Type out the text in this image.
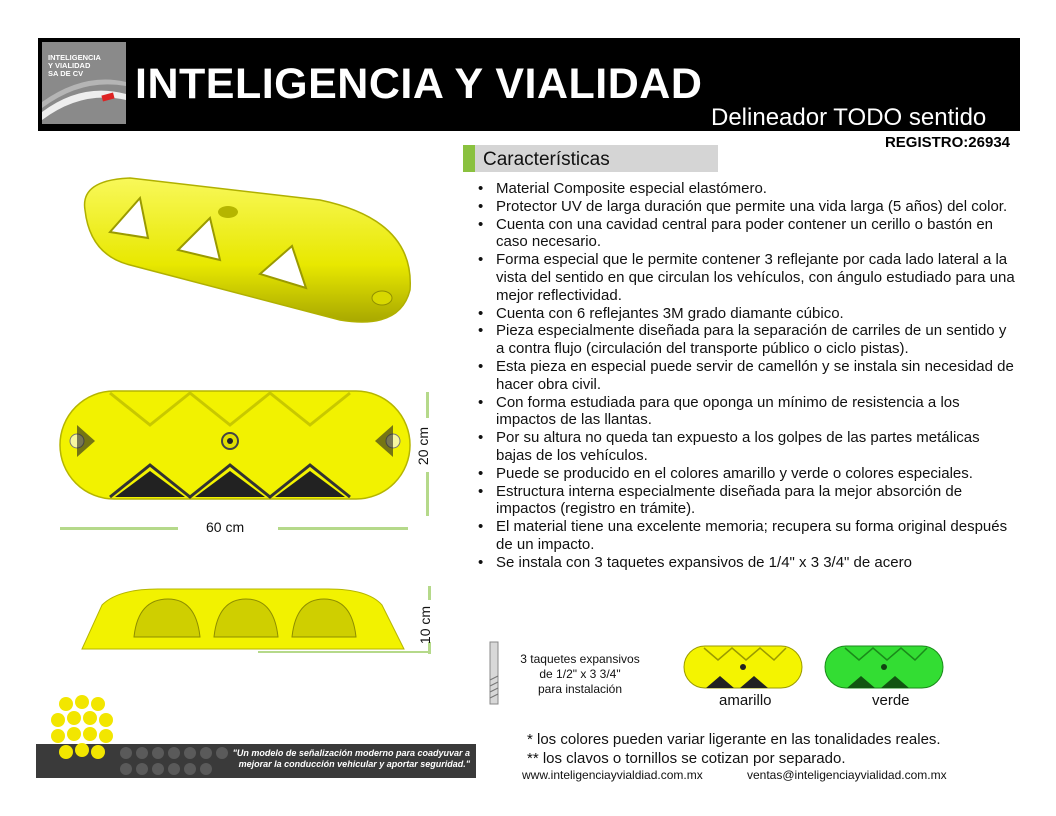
INTELIGENCIA
Y VIALIDAD
SA DE CV INTELIGENCIA Y VIALIDAD
Delineador TODO sentido
REGISTRO:26934
20 cm
60 cm
10 cm
Características
• Material Composite especial elastómero.
• Protector UV de larga duración que permite una vida larga (5 años) del color.
• Cuenta con una cavidad central para poder contener un cerillo o bastón en caso necesario.
• Forma especial que le permite contener 3 reflejante por cada lado lateral a la vista del sentido en que circulan los vehículos, con ángulo estudiado para una mejor reflectividad.
• Cuenta con 6 reflejantes 3M grado diamante cúbico.
• Pieza especialmente diseñada para la separación de carriles de un sentido y a contra flujo (circulación del transporte público o ciclo pistas).
• Esta pieza en especial puede servir de camellón y se instala sin necesidad de hacer obra civil.
• Con forma estudiada para que oponga un mínimo de resistencia a los impactos de las llantas.
• Por su altura no queda tan expuesto a los golpes de las partes metálicas bajas de los vehículos.
• Puede se producido en el colores amarillo y verde o colores especiales.
• Estructura interna especialmente diseñada para la mejor absorción de impactos (registro en trámite).
• El material tiene una excelente memoria; recupera su forma original después de un impacto.
• Se instala con 3 taquetes expansivos de 1/4" x 3 3/4" de acero
3 taquetes expansivos
de 1/2" x 3 3/4"
para instalación
amarillo	verde
* los colores pueden variar ligerante en las tonalidades reales.
** los clavos o tornillos se cotizan por separado.
www.inteligenciayvialdiad.com.mx	ventas@inteligenciayvialidad.com.mx
"Un modelo de señalización moderno para coadyuvar a mejorar la conducción vehicular y aportar seguridad."
